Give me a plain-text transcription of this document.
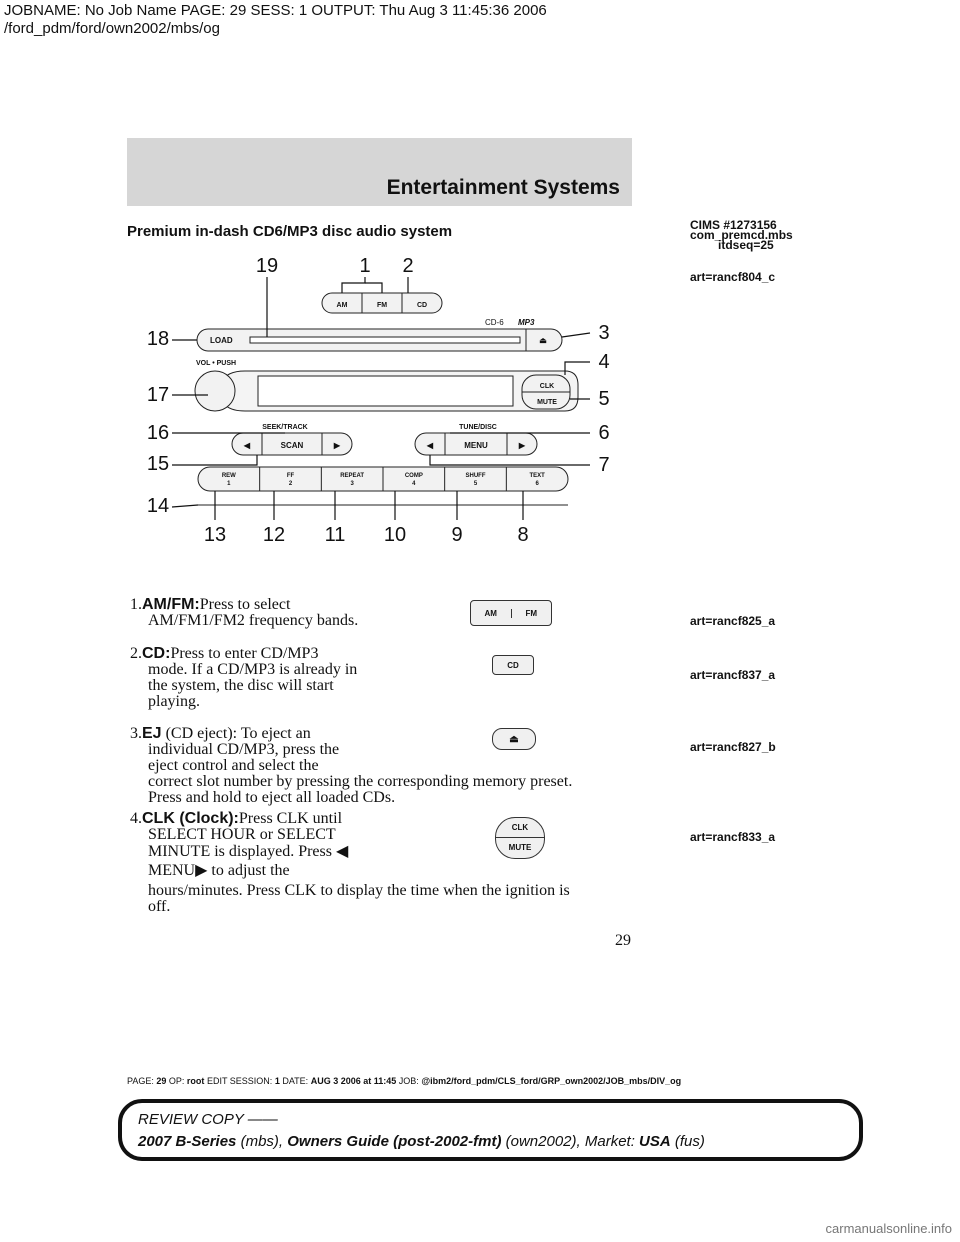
JOBNAME: No Job Name PAGE: 29 SESS: 1 OUTPUT: Thu Aug 3 11:45:36 2006
/ford_pdm/ford/own2002/mbs/og
Entertainment Systems
Premium in-dash CD6/MP3 disc audio system	CIMS #1273156
com_premcd.mbs
itdseq=25
art=rancf804_c
AM	FM	CD
LOAD	⏏
CD-6 MP3
VOL • PUSH
CLK
MUTE
SEEK/TRACK
◀	SCAN	▶
TUNE/DISC
◀	MENU	▶
REW
1
FF
2
REPEAT
3
COMP
4
SHUFF
5
TEXT
6
1 2
3
4
5
6
7
8
9
10
11
12
13
14
15
16
17
18
19
1.AM/FM:Press to select
AM/FM1/FM2 frequency bands.	AM	FM
art=rancf825_a
2.CD:Press to enter CD/MP3
mode. If a CD/MP3 is already in
the system, the disc will start
playing.
CD
art=rancf837_a
3.EJ (CD eject): To eject an
individual CD/MP3, press the
eject control and select the
correct slot number by pressing the corresponding memory preset.
Press and hold to eject all loaded CDs.
⏏
art=rancf827_b
4.CLK (Clock):Press CLK until
SELECT HOUR or SELECT
MINUTE is displayed. Press ◀
MENU▶ to adjust the
hours/minutes. Press CLK to display the time when the ignition is
off.
CLK
MUTE
art=rancf833_a
29
PAGE: 29 OP: root EDIT SESSION: 1 DATE: AUG 3 2006 at 11:45 JOB: @ibm2/ford_pdm/CLS_ford/GRP_own2002/JOB_mbs/DIV_og
REVIEW COPY ——
2007 B-Series (mbs), Owners Guide (post-2002-fmt) (own2002), Market: USA (fus)
carmanualsonline.info
